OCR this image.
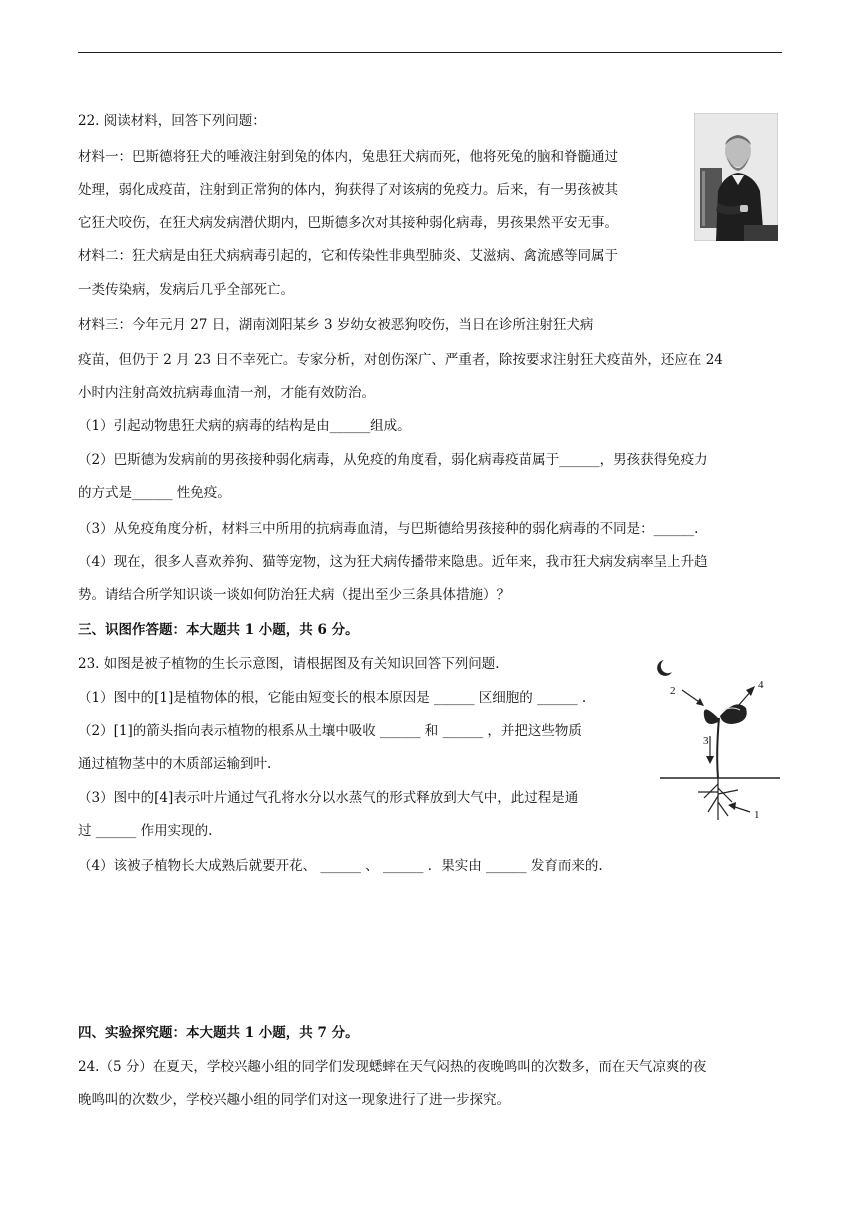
22. 阅读材料，回答下列问题：
材料一：巴斯德将狂犬的唾液注射到兔的体内，兔患狂犬病而死，他将死兔的脑和脊髓通过
处理，弱化成疫苗，注射到正常狗的体内，狗获得了对该病的免疫力。后来，有一男孩被其
它狂犬咬伤，在狂犬病发病潜伏期内，巴斯德多次对其接种弱化病毒，男孩果然平安无事。
材料二：狂犬病是由狂犬病病毒引起的，它和传染性非典型肺炎、艾滋病、禽流感等同属于
一类传染病，发病后几乎全部死亡。
材料三：今年元月 27 日，湖南浏阳某乡 3 岁幼女被恶狗咬伤，当日在诊所注射狂犬病
疫苗，但仍于 2 月 23 日不幸死亡。专家分析，对创伤深广、严重者，除按要求注射狂犬疫苗外，还应在 24
小时内注射高效抗病毒血清一剂，才能有效防治。
（1）引起动物患狂犬病的病毒的结构是由______组成。
（2）巴斯德为发病前的男孩接种弱化病毒，从免疫的角度看，弱化病毒疫苗属于______，男孩获得免疫力
的方式是______ 性免疫。
（3）从免疫角度分析，材料三中所用的抗病毒血清，与巴斯德给男孩接种的弱化病毒的不同是：______.
（4）现在，很多人喜欢养狗、猫等宠物，这为狂犬病传播带来隐患。近年来，我市狂犬病发病率呈上升趋
势。请结合所学知识谈一谈如何防治狂犬病（提出至少三条具体措施）？
三、识图作答题：本大题共 1 小题，共 6 分。
23. 如图是被子植物的生长示意图，请根据图及有关知识回答下列问题.
（1）图中的[1]是植物体的根，它能由短变长的根本原因是 ______ 区细胞的 ______ .
（2）[1]的箭头指向表示植物的根系从土壤中吸收 ______ 和 ______ ，并把这些物质
通过植物茎中的木质部运输到叶.
（3）图中的[4]表示叶片通过气孔将水分以水蒸气的形式释放到大气中，此过程是通
过 ______ 作用实现的.
（4）该被子植物长大成熟后就要开花、 ______ 、 ______ ．果实由 ______ 发育而来的.
2	4
3
1
四、实验探究题：本大题共 1 小题，共 7 分。
24.（5 分）在夏天，学校兴趣小组的同学们发现蟋蟀在天气闷热的夜晚鸣叫的次数多，而在天气凉爽的夜
晚鸣叫的次数少，学校兴趣小组的同学们对这一现象进行了进一步探究。
